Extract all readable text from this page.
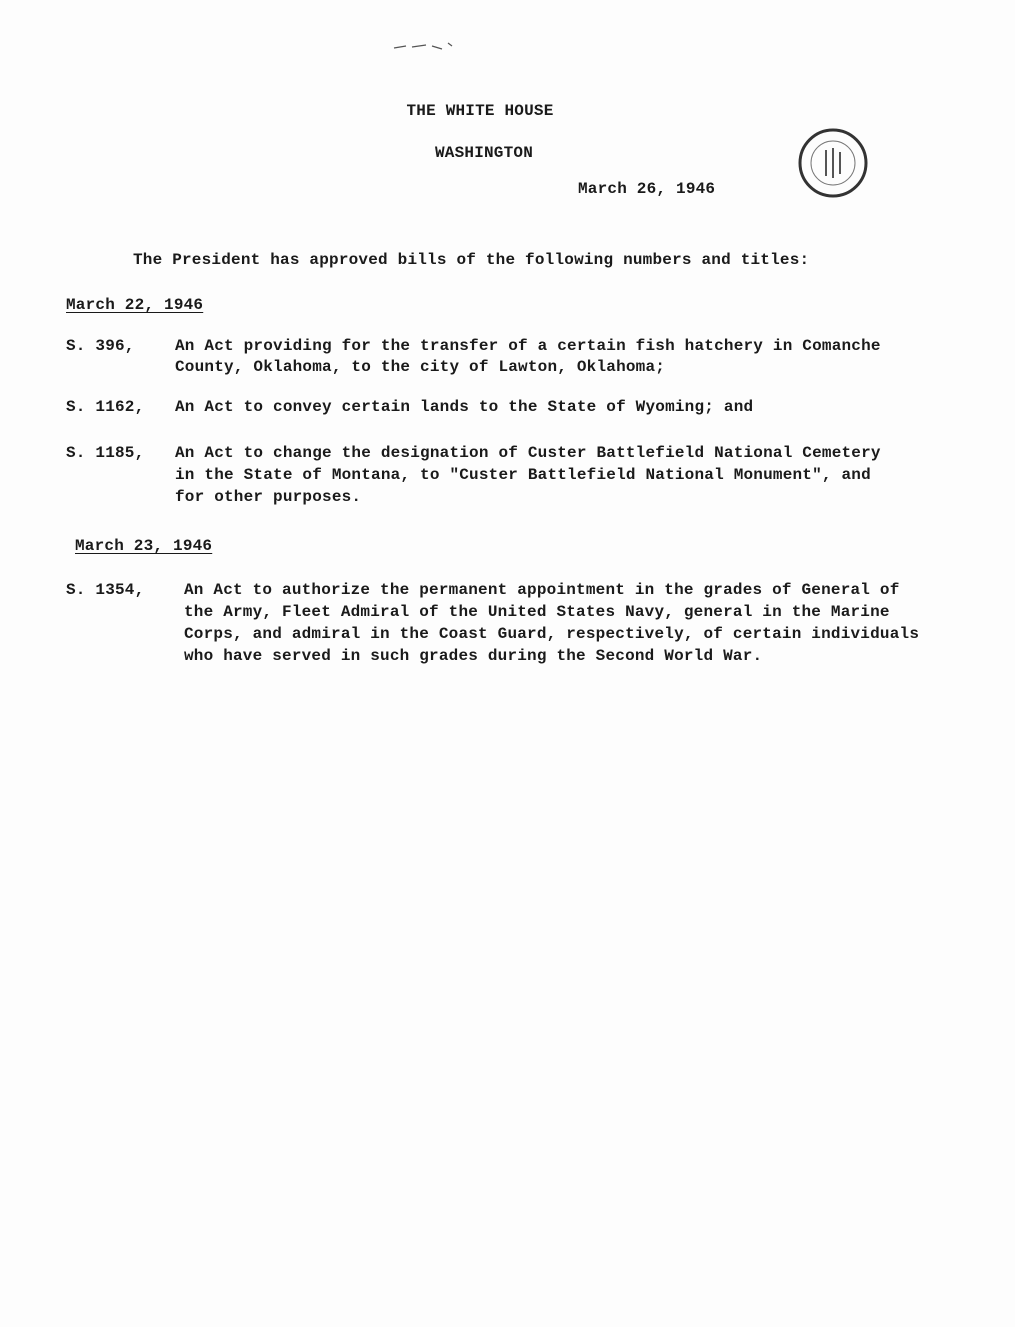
THE WHITE HOUSE
WASHINGTON
March 26, 1946
The President has approved bills of the following numbers and titles:
March 22, 1946
S. 396,	An Act providing for the transfer of a certain fish hatchery in Comanche
County, Oklahoma, to the city of Lawton, Oklahoma;
S. 1162,	An Act to convey certain lands to the State of Wyoming; and
S. 1185,	An Act to change the designation of Custer Battlefield National Cemetery
in the State of Montana, to "Custer Battlefield National Monument", and
for other purposes.
March 23, 1946
S. 1354,	An Act to authorize the permanent appointment in the grades of General of
the Army, Fleet Admiral of the United States Navy, general in the Marine
Corps, and admiral in the Coast Guard, respectively, of certain individuals
who have served in such grades during the Second World War.
